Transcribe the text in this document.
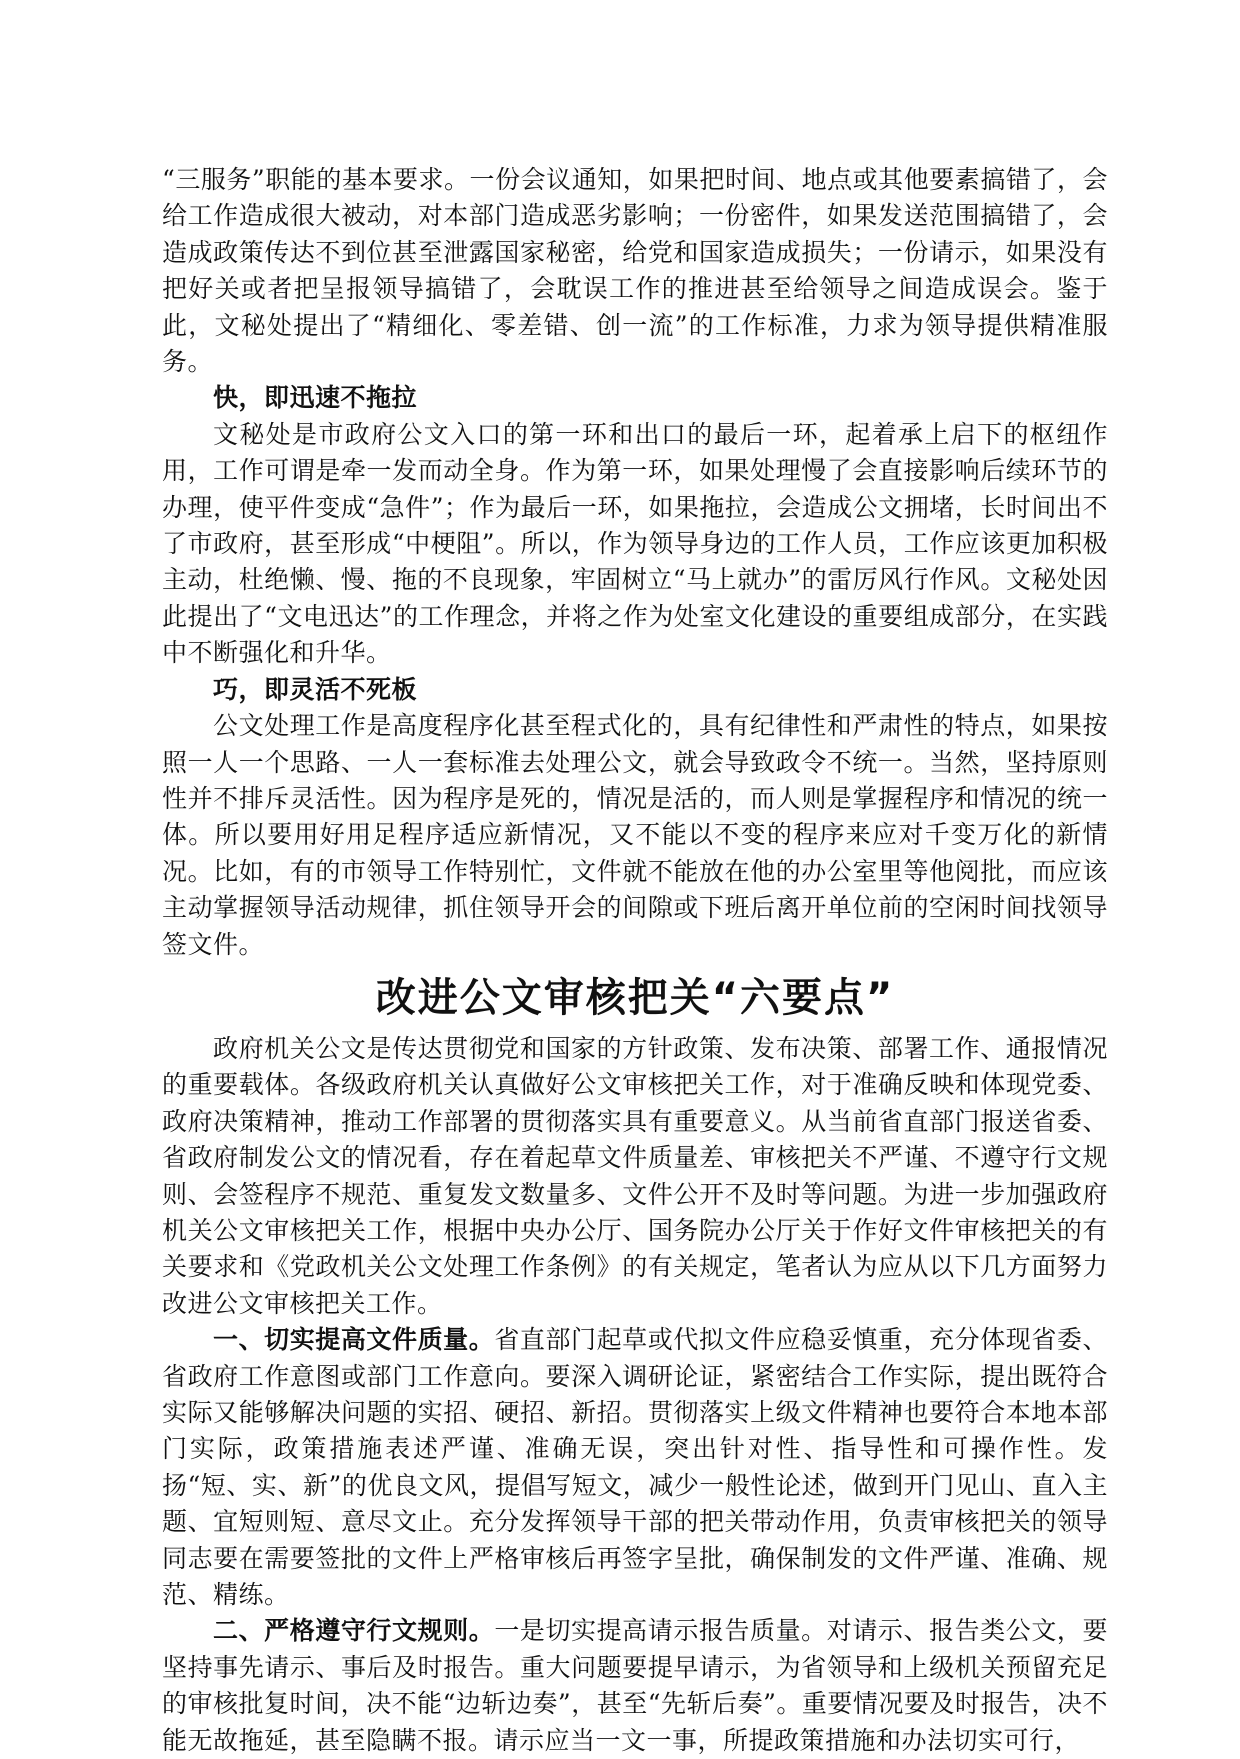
“三服务”职能的基本要求。一份会议通知，如果把时间、地点或其他要素搞错了，会给工作造成很大被动，对本部门造成恶劣影响；一份密件，如果发送范围搞错了，会造成政策传达不到位甚至泄露国家秘密，给党和国家造成损失；一份请示，如果没有把好关或者把呈报领导搞错了，会耽误工作的推进甚至给领导之间造成误会。鉴于此，文秘处提出了“精细化、零差错、创一流”的工作标准，力求为领导提供精准服务。

快，即迅速不拖拉

文秘处是市政府公文入口的第一环和出口的最后一环，起着承上启下的枢纽作用，工作可谓是牵一发而动全身。作为第一环，如果处理慢了会直接影响后续环节的办理，使平件变成“急件”；作为最后一环，如果拖拉，会造成公文拥堵，长时间出不了市政府，甚至形成“中梗阻”。所以，作为领导身边的工作人员，工作应该更加积极主动，杜绝懒、慢、拖的不良现象，牢固树立“马上就办”的雷厉风行作风。文秘处因此提出了“文电迅达”的工作理念，并将之作为处室文化建设的重要组成部分，在实践中不断强化和升华。

巧，即灵活不死板

公文处理工作是高度程序化甚至程式化的，具有纪律性和严肃性的特点，如果按照一人一个思路、一人一套标准去处理公文，就会导致政令不统一。当然，坚持原则性并不排斥灵活性。因为程序是死的，情况是活的，而人则是掌握程序和情况的统一体。所以要用好用足程序适应新情况，又不能以不变的程序来应对千变万化的新情况。比如，有的市领导工作特别忙，文件就不能放在他的办公室里等他阅批，而应该主动掌握领导活动规律，抓住领导开会的间隙或下班后离开单位前的空闲时间找领导签文件。

改进公文审核把关“六要点”

政府机关公文是传达贯彻党和国家的方针政策、发布决策、部署工作、通报情况的重要载体。各级政府机关认真做好公文审核把关工作，对于准确反映和体现党委、政府决策精神，推动工作部署的贯彻落实具有重要意义。从当前省直部门报送省委、省政府制发公文的情况看，存在着起草文件质量差、审核把关不严谨、不遵守行文规则、会签程序不规范、重复发文数量多、文件公开不及时等问题。为进一步加强政府机关公文审核把关工作，根据中央办公厅、国务院办公厅关于作好文件审核把关的有关要求和《党政机关公文处理工作条例》的有关规定，笔者认为应从以下几方面努力改进公文审核把关工作。

一、切实提高文件质量。省直部门起草或代拟文件应稳妥慎重，充分体现省委、省政府工作意图或部门工作意向。要深入调研论证，紧密结合工作实际，提出既符合实际又能够解决问题的实招、硬招、新招。贯彻落实上级文件精神也要符合本地本部门实际，政策措施表述严谨、准确无误，突出针对性、指导性和可操作性。发扬“短、实、新”的优良文风，提倡写短文，减少一般性论述，做到开门见山、直入主题、宜短则短、意尽文止。充分发挥领导干部的把关带动作用，负责审核把关的领导同志要在需要签批的文件上严格审核后再签字呈批，确保制发的文件严谨、准确、规范、精练。

二、严格遵守行文规则。一是切实提高请示报告质量。对请示、报告类公文，要坚持事先请示、事后及时报告。重大问题要提早请示，为省领导和上级机关预留充足的审核批复时间，决不能“边斩边奏”，甚至“先斩后奏”。重要情况要及时报告，决不能无故拖延，甚至隐瞒不报。请示应当一文一事，所提政策措施和办法切实可行，
